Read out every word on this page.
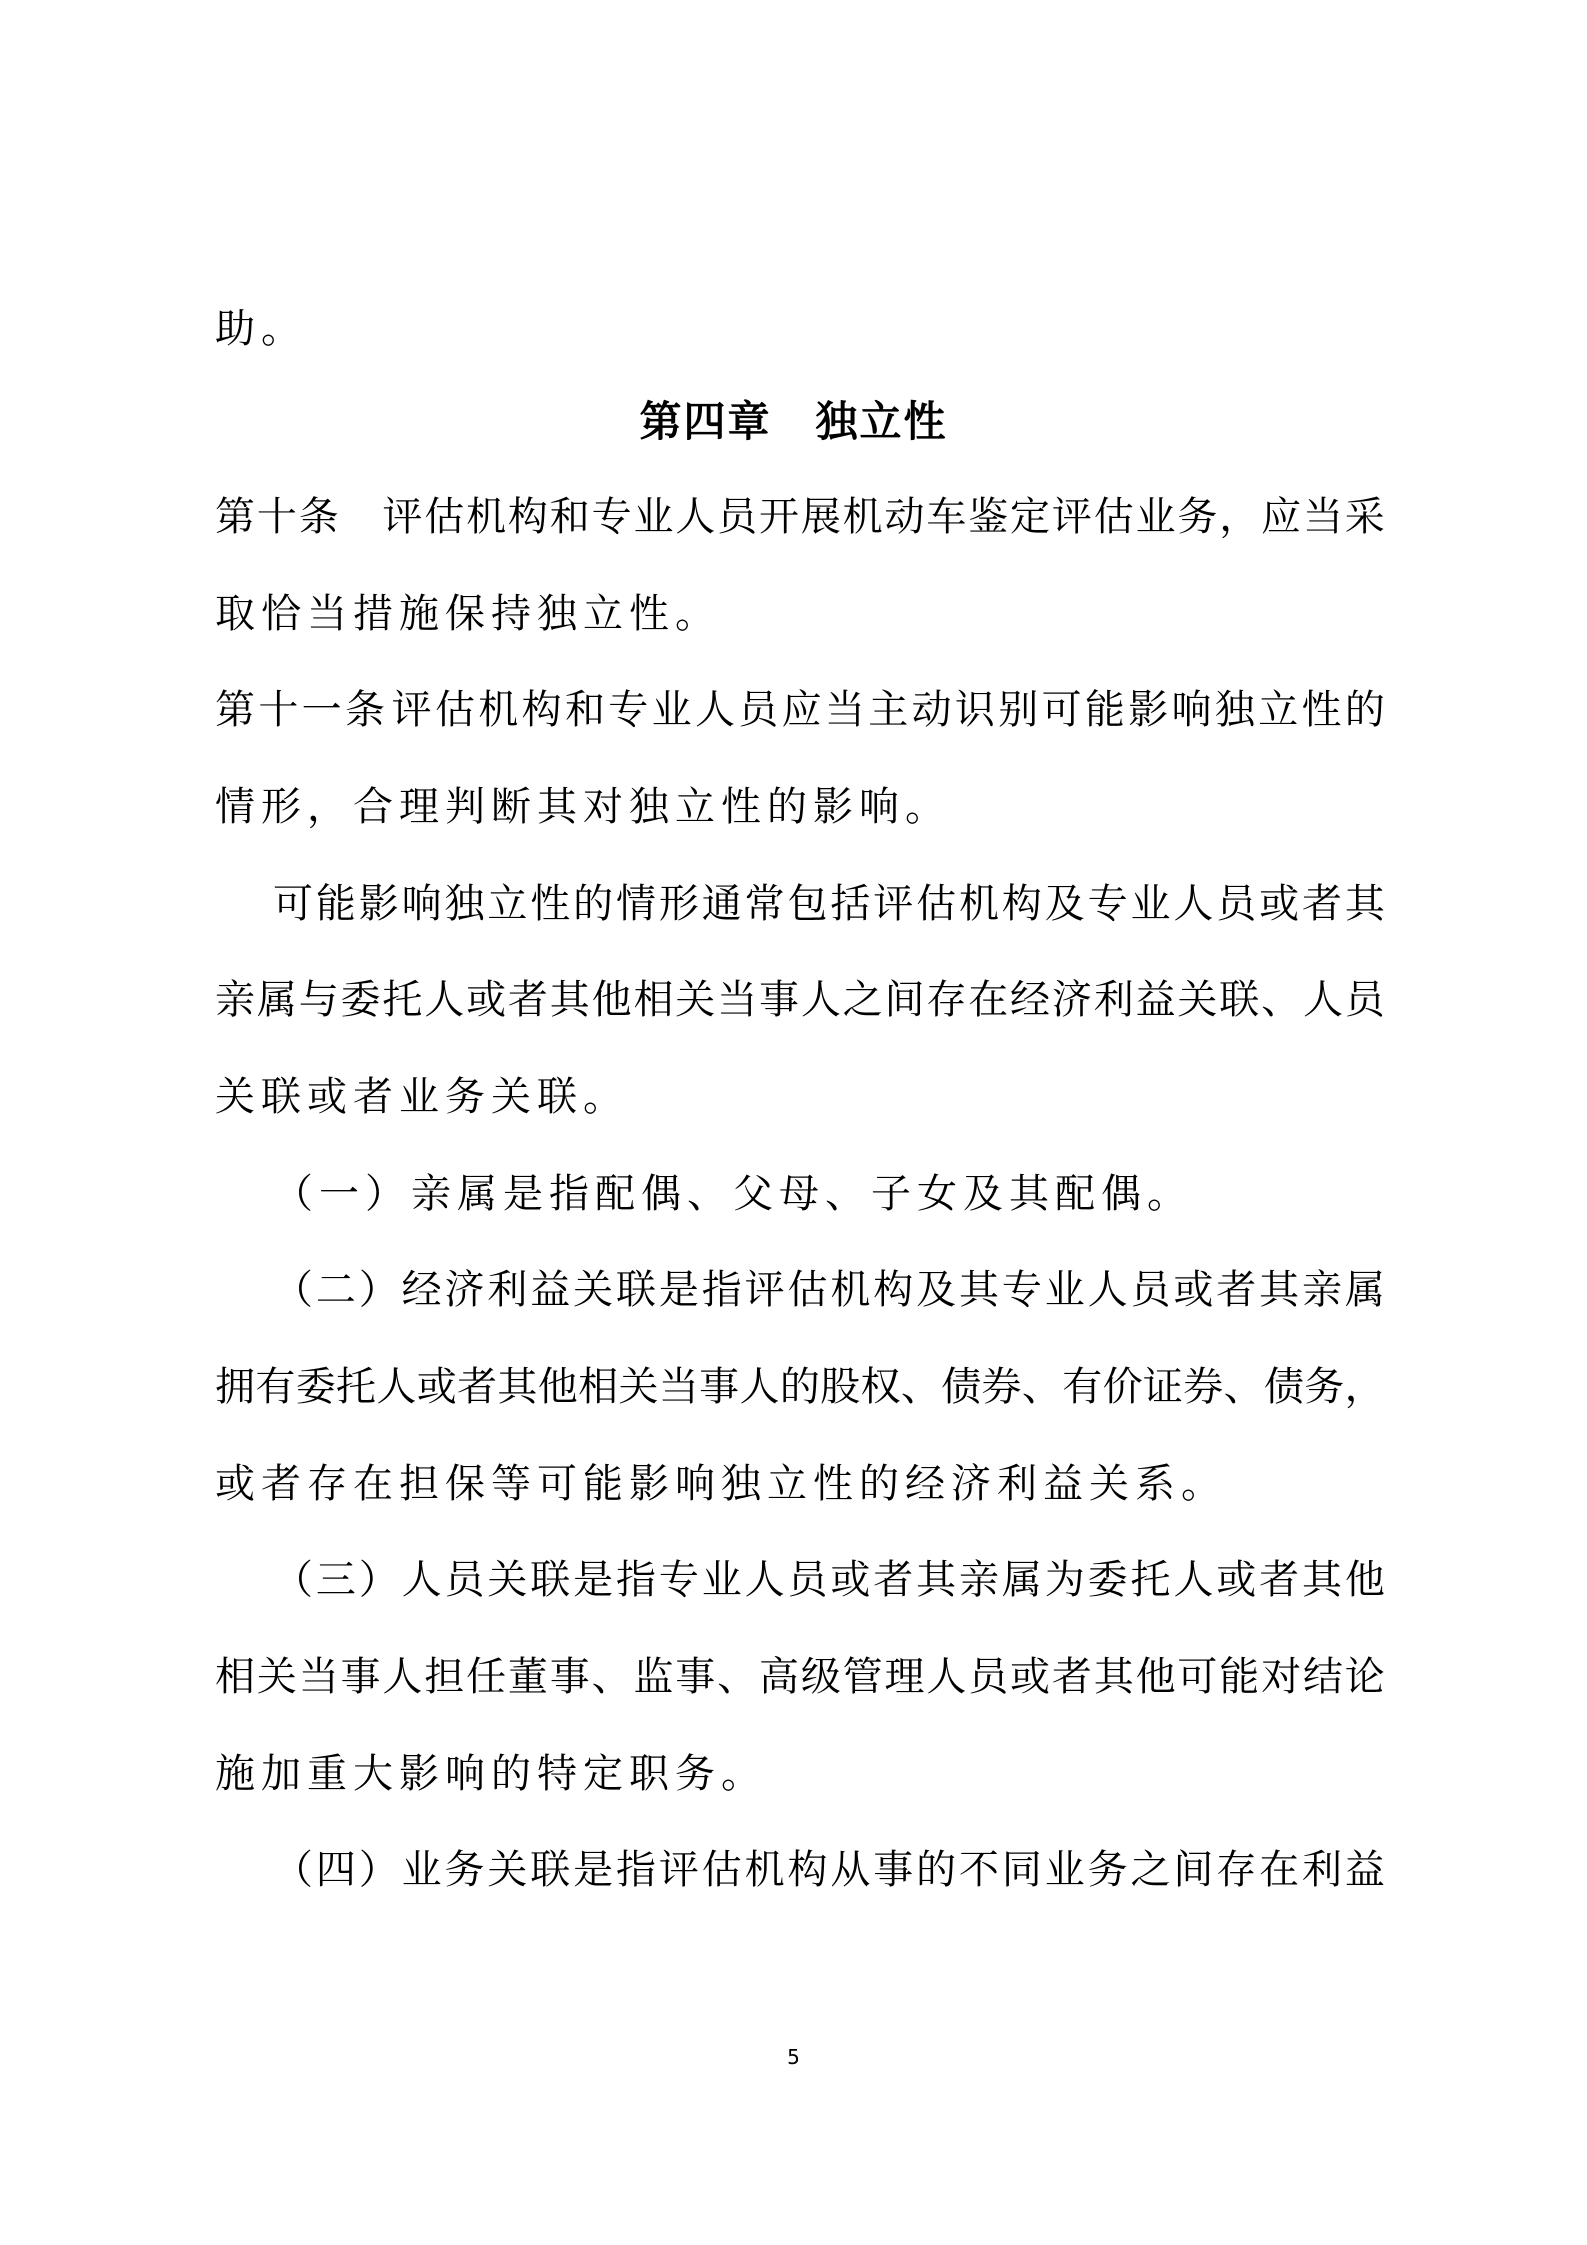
助。
第四章　独立性
第 十 条
　 评 估 机 构 和 专 业 人 员 开 展 机 动 车 鉴 定 评 估 业 务 ， 应 当 采
取恰当措施保持独立性。
第 十 一 条 评 估 机 构 和 专 业 人 员 应 当 主 动 识 别 可 能 影 响 独 立 性 的
情形，合理判断其对独立性的影响。
可 能 影 响 独 立 性 的 情 形 通 常 包 括 评 估 机 构 及 专 业 人 员 或 者 其
亲 属 与 委 托 人 或 者 其 他 相 关 当 事 人 之 间 存 在 经 济 利 益 关 联 、 人 员
关联或者业务关联。
（一）亲属是指配偶、父母、子女及其配偶。
（ 二 ） 经 济 利 益 关 联 是 指 评 估 机 构 及 其 专 业 人 员 或 者 其 亲 属
拥 有 委 托 人 或 者 其 他 相 关 当 事 人 的 股 权 、 债 券 、 有 价 证 券 、 债 务 ，
或者存在担保等可能影响独立性的经济利益关系。
（ 三 ） 人 员 关 联 是 指 专 业 人 员 或 者 其 亲 属 为 委 托 人 或 者 其 他
相 关 当 事 人 担 任 董 事 、 监 事 、 高 级 管 理 人 员 或 者 其 他 可 能 对 结 论
施加重大影响的特定职务。
（ 四 ） 业 务 关 联 是 指 评 估 机 构 从 事 的 不 同 业 务 之 间 存 在 利 益
5
